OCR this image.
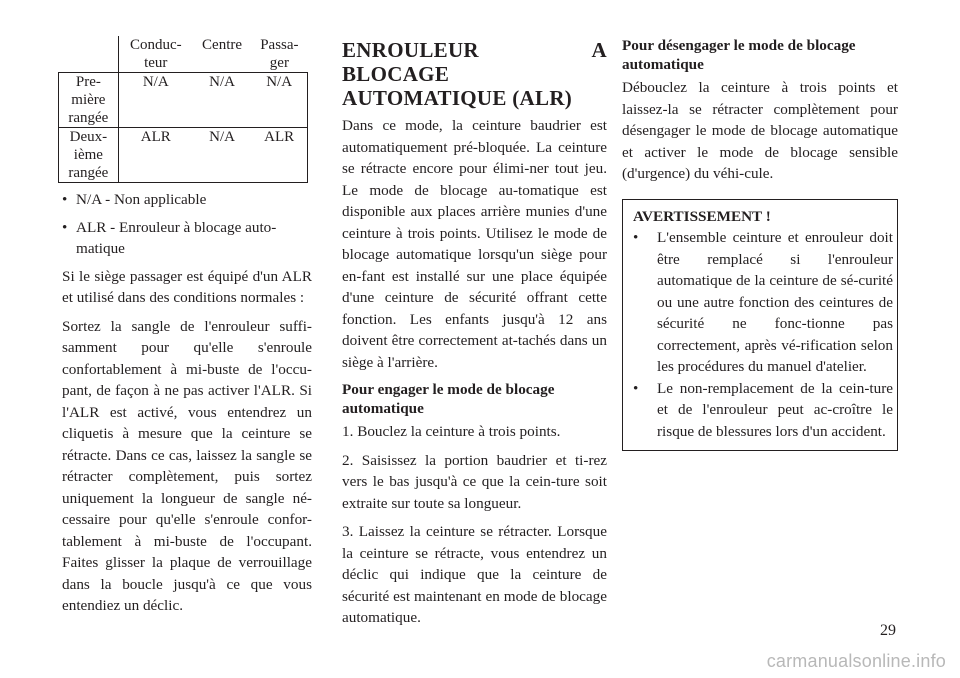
	Conduc-
teur	Centre	Passa-
ger
Pre-
mière
rangée	N/A	N/A	N/A
Deux-
ième
rangée	ALR	N/A	ALR
• N/A - Non applicable
• ALR - Enrouleur à blocage auto-
matique

Si le siège passager est équipé d'un ALR et utilisé dans des conditions normales :

Sortez la sangle de l'enrouleur suffi-samment pour qu'elle s'enroule confortablement à mi-buste de l'occu-pant, de façon à ne pas activer l'ALR. Si l'ALR est activé, vous entendrez un cliquetis à mesure que la ceinture se rétracte. Dans ce cas, laissez la sangle se rétracter complètement, puis sortez uniquement la longueur de sangle né-cessaire pour qu'elle s'enroule confor-tablement à mi-buste de l'occupant. Faites glisser la plaque de verrouillage dans la boucle jusqu'à ce que vous entendiez un déclic.

ENROULEUR A BLOCAGE AUTOMATIQUE (ALR)

Dans ce mode, la ceinture baudrier est automatiquement pré-bloquée. La ceinture se rétracte encore pour élimi-ner tout jeu. Le mode de blocage au-tomatique est disponible aux places arrière munies d'une ceinture à trois points. Utilisez le mode de blocage automatique lorsqu'un siège pour en-fant est installé sur une place équipée d'une ceinture de sécurité offrant cette fonction. Les enfants jusqu'à 12 ans doivent être correctement at-tachés dans un siège à l'arrière.

Pour engager le mode de blocage automatique

1. Bouclez la ceinture à trois points.

2. Saisissez la portion baudrier et ti-rez vers le bas jusqu'à ce que la cein-ture soit extraite sur toute sa longueur.

3. Laissez la ceinture se rétracter. Lorsque la ceinture se rétracte, vous entendrez un déclic qui indique que la ceinture de sécurité est maintenant en mode de blocage automatique.

Pour désengager le mode de blocage automatique

Débouclez la ceinture à trois points et laissez-la se rétracter complètement pour désengager le mode de blocage automatique et activer le mode de blocage sensible (d'urgence) du véhi-cule.

AVERTISSEMENT !
• L'ensemble ceinture et enrouleur doit être remplacé si l'enrouleur automatique de la ceinture de sé-curité ou une autre fonction des ceintures de sécurité ne fonc-tionne pas correctement, après vé-rification selon les procédures du manuel d'atelier.
• Le non-remplacement de la cein-ture et de l'enrouleur peut ac-croître le risque de blessures lors d'un accident.
29
carmanualsonline.info
